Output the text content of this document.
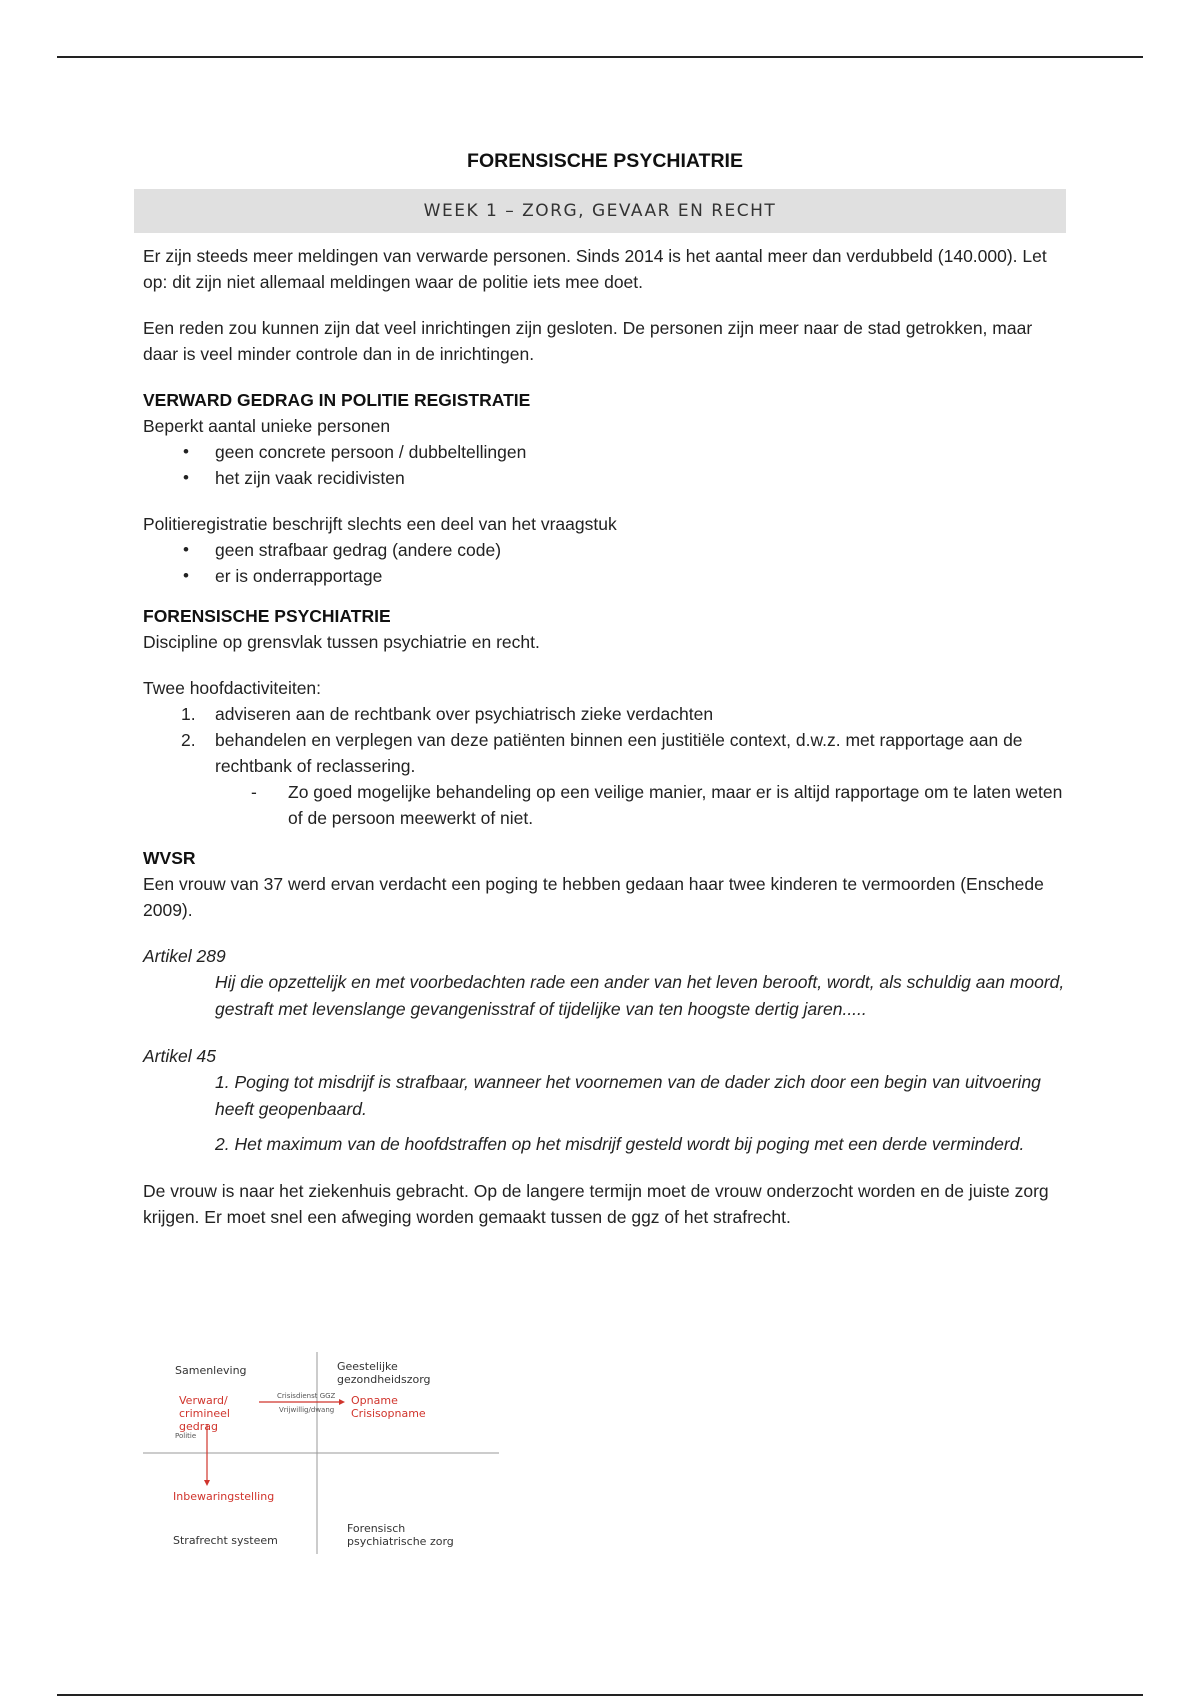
FORENSISCHE PSYCHIATRIE
WEEK 1 – ZORG, GEVAAR EN RECHT

Er zijn steeds meer meldingen van verwarde personen. Sinds 2014 is het aantal meer dan verdubbeld (140.000). Let op: dit zijn niet allemaal meldingen waar de politie iets mee doet.

Een reden zou kunnen zijn dat veel inrichtingen zijn gesloten. De personen zijn meer naar de stad getrokken, maar daar is veel minder controle dan in de inrichtingen.

VERWARD GEDRAG IN POLITIE REGISTRATIE

Beperkt aantal unieke personen

• geen concrete persoon / dubbeltellingen
• het zijn vaak recidivisten

Politieregistratie beschrijft slechts een deel van het vraagstuk

• geen strafbaar gedrag (andere code)
• er is onderrapportage
FORENSISCHE PSYCHIATRIE

Discipline op grensvlak tussen psychiatrie en recht.

Twee hoofdactiviteiten:

1. adviseren aan de rechtbank over psychiatrisch zieke verdachten
2. behandelen en verplegen van deze patiënten binnen een justitiële context, d.w.z. met rapportage aan de rechtbank of reclassering.
- Zo goed mogelijke behandeling op een veilige manier, maar er is altijd rapportage om te laten weten of de persoon meewerkt of niet.
WVSR

Een vrouw van 37 werd ervan verdacht een poging te hebben gedaan haar twee kinderen te vermoorden (Enschede 2009).

Artikel 289
Hij die opzettelijk en met voorbedachten rade een ander van het leven berooft, wordt, als schuldig aan moord, gestraft met levenslange gevangenisstraf of tijdelijke van ten hoogste dertig jaren.....
Artikel 45
1. Poging tot misdrijf is strafbaar, wanneer het voornemen van de dader zich door een begin van uitvoering heeft geopenbaard.
2. Het maximum van de hoofdstraffen op het misdrijf gesteld wordt bij poging met een derde verminderd.

De vrouw is naar het ziekenhuis gebracht. Op de langere termijn moet de vrouw onderzocht worden en de juiste zorg krijgen. Er moet snel een afweging worden gemaakt tussen de ggz of het strafrecht.

Samenleving	Geestelijke gezondheidszorg
Verward/ crimineel gedrag
Crisisdienst GGZ
Vrijwillig/dwang
Opname Crisisopname
Politie
Inbewaringstelling
Strafrecht systeem
Forensisch psychiatrische zorg
